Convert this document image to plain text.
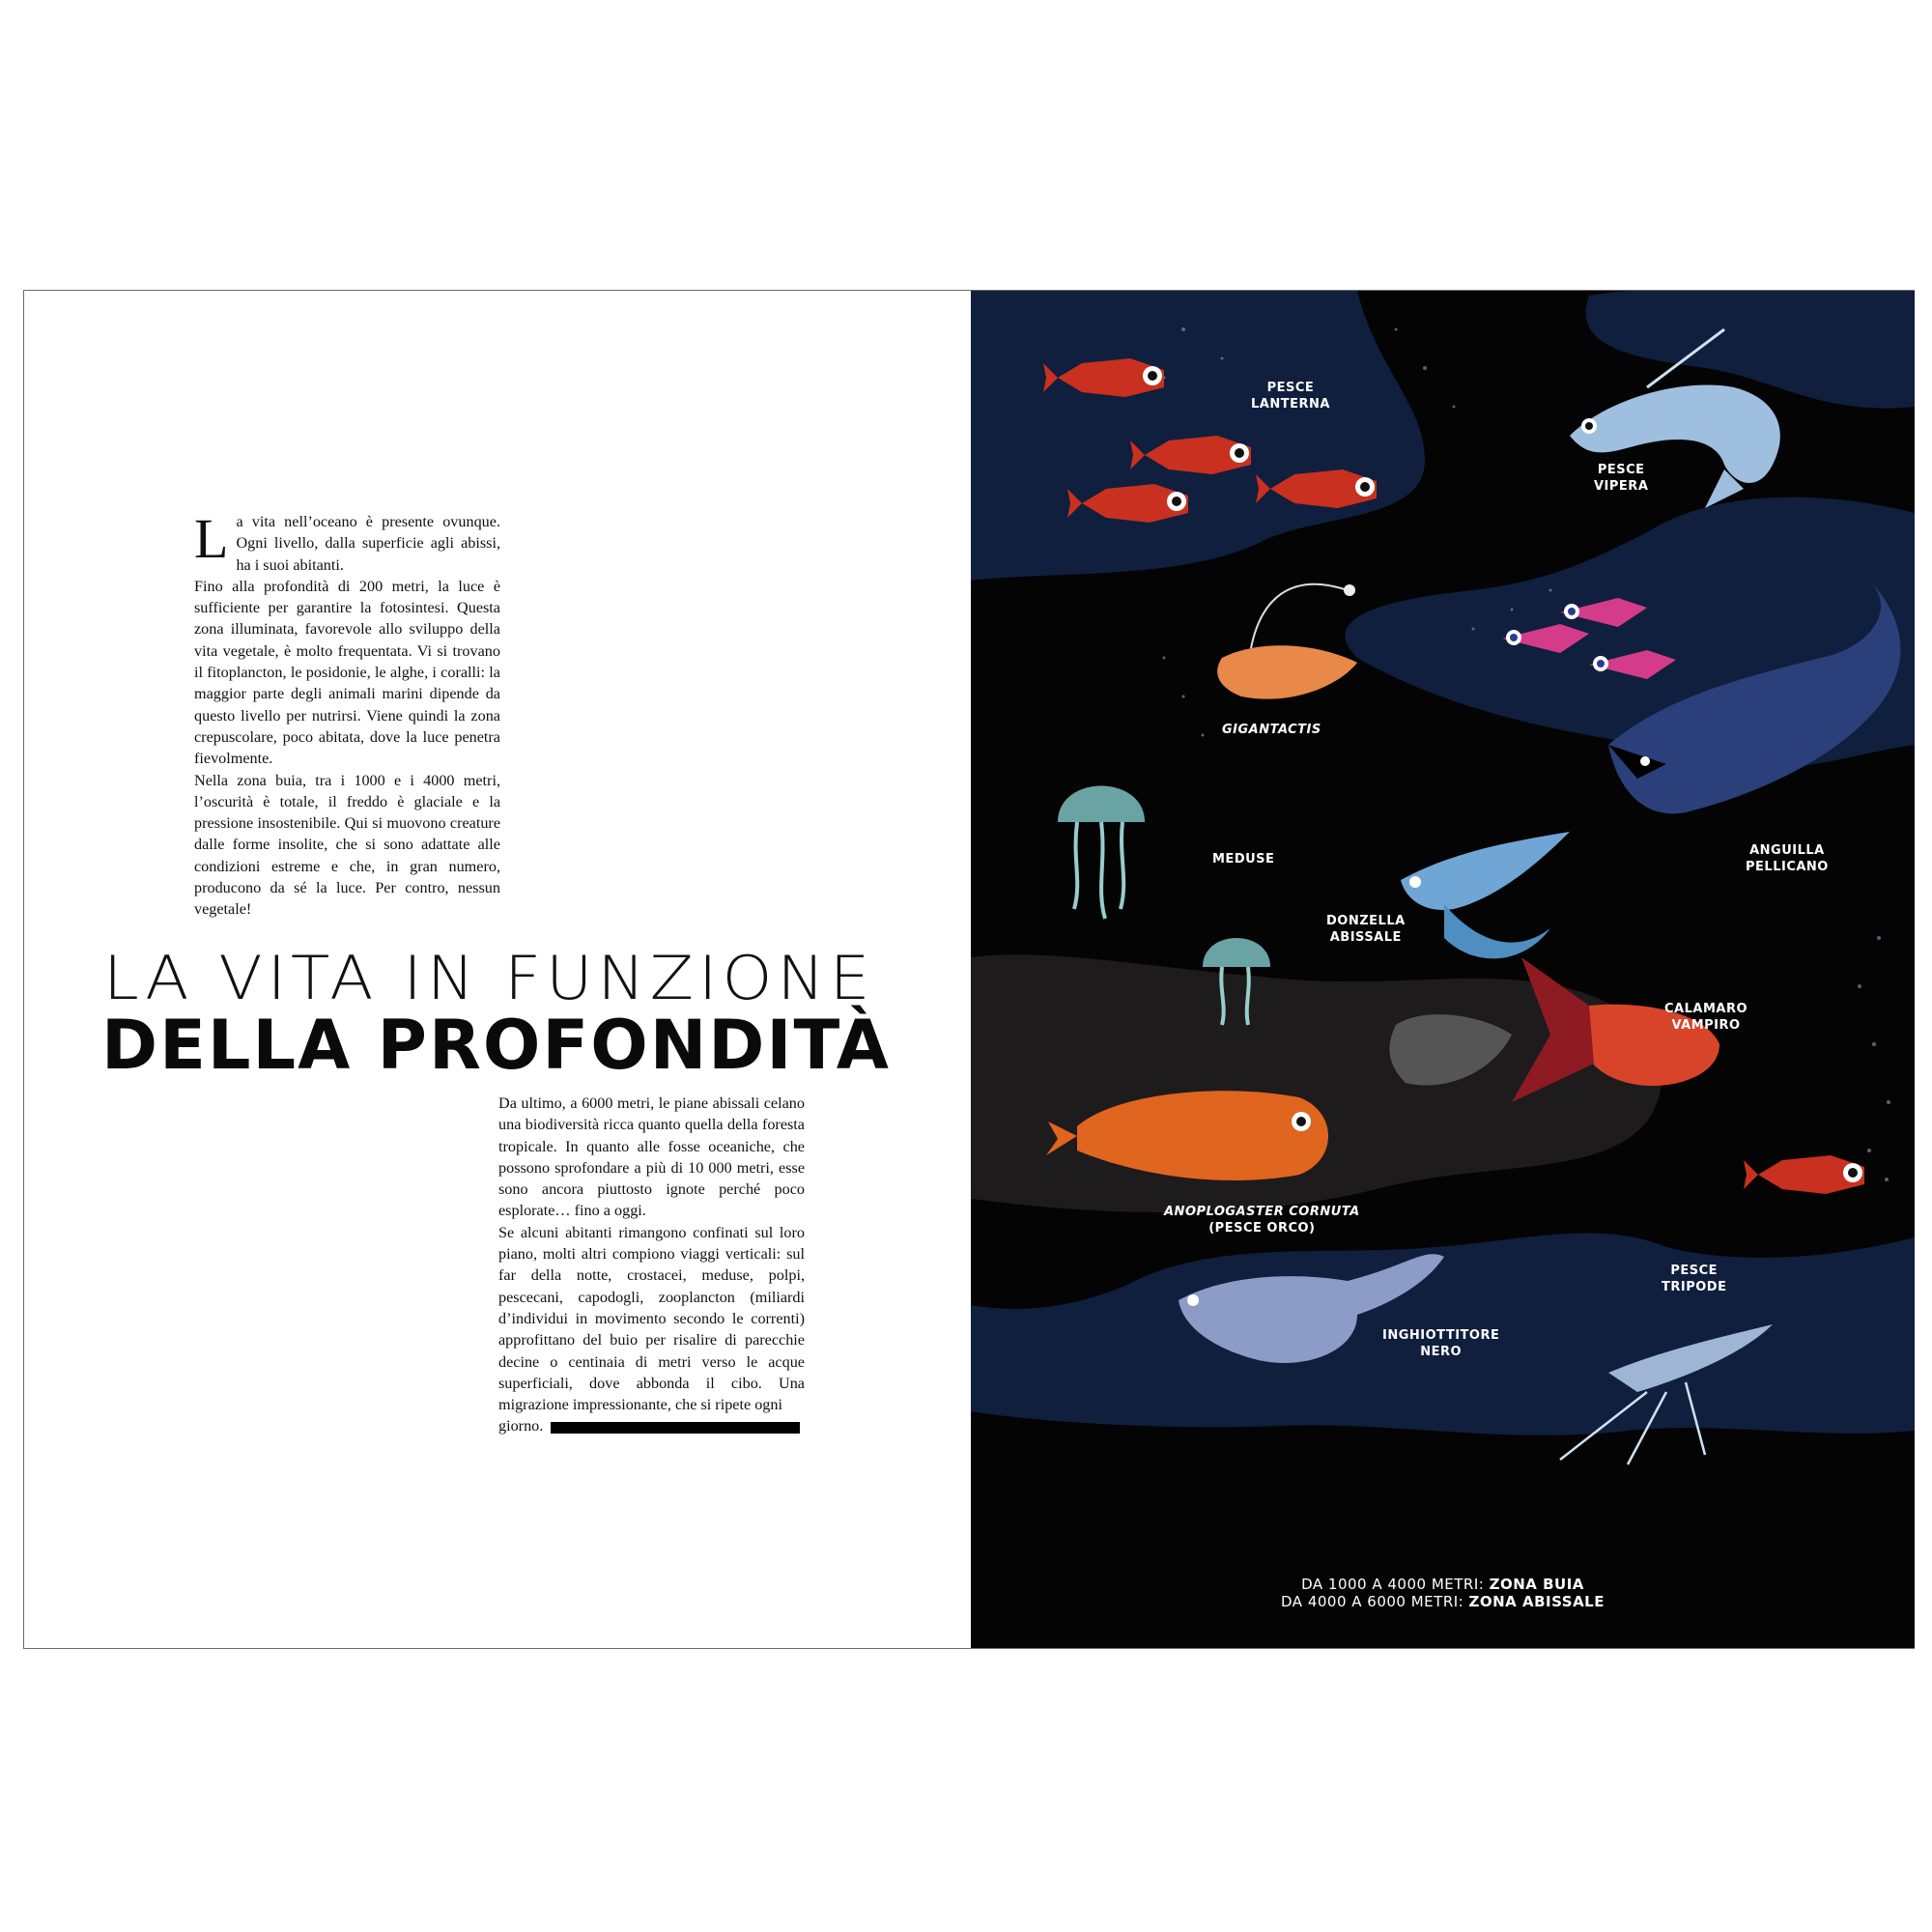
La vita nell’oceano è presente ovunque. Ogni livello, dalla superficie agli abissi, ha i suoi abitanti.

Fino alla profondità di 200 metri, la luce è sufficiente per garantire la fotosintesi. Questa zona illuminata, favorevole allo sviluppo della vita vegetale, è molto frequentata. Vi si trovano il fitoplancton, le posidonie, le alghe, i coralli: la maggior parte degli animali marini dipende da questo livello per nutrirsi. Viene quindi la zona crepuscolare, poco abitata, dove la luce penetra fievolmente.

Nella zona buia, tra i 1000 e i 4000 metri, l’oscurità è totale, il freddo è glaciale e la pressione insostenibile. Qui si muovono creature dalle forme insolite, che si sono adattate alle condizioni estreme e che, in gran numero, producono da sé la luce. Per contro, nessun vegetale!

LA VITA IN FUNZIONE
DELLA PROFONDITÀ

Da ultimo, a 6000 metri, le piane abissali celano una biodiversità ricca quanto quella della foresta tropicale. In quanto alle fosse oceaniche, che possono sprofondare a più di 10 000 metri, esse sono ancora piuttosto ignote perché poco esplorate… fino a oggi.

Se alcuni abitanti rimangono confinati sul loro piano, molti altri compiono viaggi verticali: sul far della notte, crostacei, meduse, polpi, pescecani, capodogli, zooplancton (miliardi d’individui in movimento secondo le correnti) approfittano del buio per risalire di parecchie decine o centinaia di metri verso le acque superficiali, dove abbonda il cibo. Una migrazione impressionante, che si ripete ogni

giorno.

PESCE
LANTERNA
PESCE
VIPERA
GIGANTACTIS
MEDUSE
DONZELLA
ABISSALE
ANGUILLA
PELLICANO
CALAMARO
VAMPIRO
ANOPLOGASTER CORNUTA
(PESCE ORCO)
PESCE
TRIPODE
INGHIOTTITORE
NERO
DA 1000 A 4000 METRI: ZONA BUIA
DA 4000 A 6000 METRI: ZONA ABISSALE
